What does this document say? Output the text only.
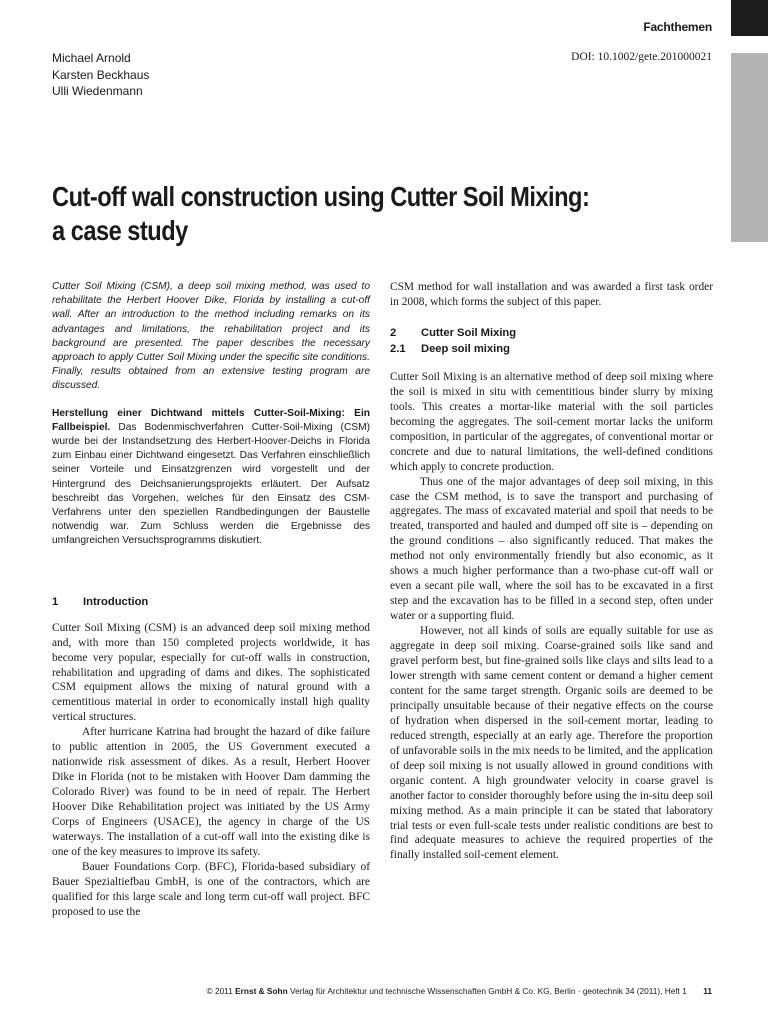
Fachthemen
Michael Arnold
Karsten Beckhaus
Ulli Wiedenmann
DOI: 10.1002/gete.201000021
Cut-off wall construction using Cutter Soil Mixing:
a case study

Cutter Soil Mixing (CSM), a deep soil mixing method, was used to rehabilitate the Herbert Hoover Dike, Florida by installing a cut-off wall. After an introduction to the method including remarks on its advantages and limitations, the rehabilitation project and its background are presented. The paper describes the necessary approach to apply Cutter Soil Mixing under the specific site conditions. Finally, results obtained from an extensive testing program are discussed.

Herstellung einer Dichtwand mittels Cutter-Soil-Mixing: Ein Fallbeispiel. Das Bodenmischverfahren Cutter-Soil-Mixing (CSM) wurde bei der Instandsetzung des Herbert-Hoover-Deichs in Florida zum Einbau einer Dichtwand eingesetzt. Das Verfahren einschließlich seiner Vorteile und Einsatzgrenzen wird vorgestellt und der Hintergrund des Deichsanierungsprojekts erläutert. Der Aufsatz beschreibt das Vorgehen, welches für den Einsatz des CSM-Verfahrens unter den speziellen Randbedingungen der Baustelle notwendig war. Zum Schluss werden die Ergebnisse des umfangreichen Versuchsprogramms diskutiert.

1	Introduction

Cutter Soil Mixing (CSM) is an advanced deep soil mixing method and, with more than 150 completed projects worldwide, it has become very popular, especially for cut-off walls in construction, rehabilitation and upgrading of dams and dikes. The sophisticated CSM equipment allows the mixing of natural ground with a cementitious material in order to economically install high quality vertical structures.

After hurricane Katrina had brought the hazard of dike failure to public attention in 2005, the US Government executed a nationwide risk assessment of dikes. As a result, Herbert Hoover Dike in Florida (not to be mistaken with Hoover Dam damming the Colorado River) was found to be in need of repair. The Herbert Hoover Dike Rehabilitation project was initiated by the US Army Corps of Engineers (USACE), the agency in charge of the US waterways. The installation of a cut-off wall into the existing dike is one of the key measures to improve its safety.

Bauer Foundations Corp. (BFC), Florida-based subsidiary of Bauer Spezialtiefbau GmbH, is one of the contractors, which are qualified for this large scale and long term cut-off wall project. BFC proposed to use the

CSM method for wall installation and was awarded a first task order in 2008, which forms the subject of this paper.

2	Cutter Soil Mixing
2.1	Deep soil mixing

Cutter Soil Mixing is an alternative method of deep soil mixing where the soil is mixed in situ with cementitious binder slurry by mixing tools. This creates a mortar-like material with the soil particles becoming the aggregates. The soil-cement mortar lacks the uniform composition, in particular of the aggregates, of conventional mortar or concrete and due to natural limitations, the well-defined conditions which apply to concrete production.

Thus one of the major advantages of deep soil mixing, in this case the CSM method, is to save the transport and purchasing of aggregates. The mass of excavated material and spoil that needs to be treated, transported and hauled and dumped off site is – depending on the ground conditions – also significantly reduced. That makes the method not only environmentally friendly but also economic, as it shows a much higher performance than a two-phase cut-off wall or even a secant pile wall, where the soil has to be excavated in a first step and the excavation has to be filled in a second step, often under water or a supporting fluid.

However, not all kinds of soils are equally suitable for use as aggregate in deep soil mixing. Coarse-grained soils like sand and gravel perform best, but fine-grained soils like clays and silts lead to a lower strength with same cement content or demand a higher cement content for the same target strength. Organic soils are deemed to be principally unsuitable because of their negative effects on the course of hydration when dispersed in the soil-cement mortar, leading to reduced strength, especially at an early age. Therefore the proportion of unfavorable soils in the mix needs to be limited, and the application of deep soil mixing is not usually allowed in ground conditions with organic content. A high groundwater velocity in coarse gravel is another factor to consider thoroughly before using the in-situ deep soil mixing method. As a main principle it can be stated that laboratory trial tests or even full-scale tests under realistic conditions are best to find adequate measures to achieve the required properties of the finally installed soil-cement element.

© 2011 Ernst & Sohn Verlag für Architektur und technische Wissenschaften GmbH & Co. KG, Berlin · geotechnik 34 (2011), Heft 1 11
